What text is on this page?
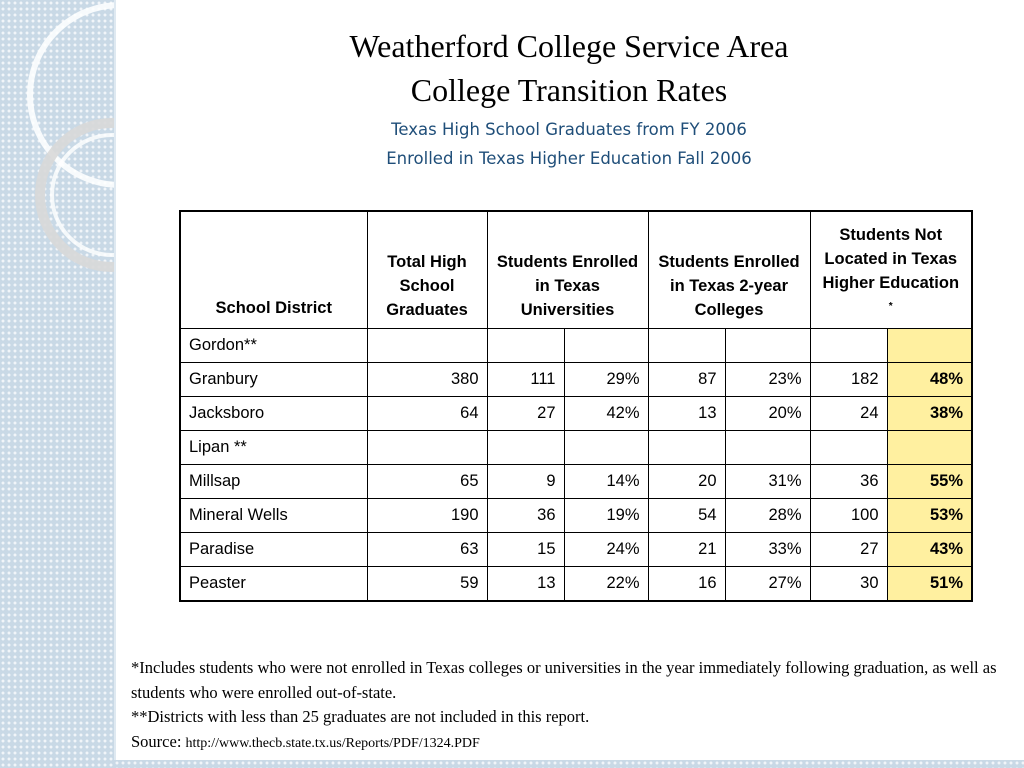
Weatherford College Service Area
College Transition Rates
Texas High School Graduates from FY 2006
Enrolled in Texas Higher Education Fall 2006
School District	Total High School Graduates	Students Enrolled in Texas Universities		Students Enrolled in Texas 2-year Colleges		Students Not Located in Texas Higher Education *
Gordon**							
Granbury	380	111	29%	87	23%	182	48%
Jacksboro	64	27	42%	13	20%	24	38%
Lipan **							
Millsap	65	9	14%	20	31%	36	55%
Mineral Wells	190	36	19%	54	28%	100	53%
Paradise	63	15	24%	21	33%	27	43%
Peaster	59	13	22%	16	27%	30	51%

*Includes students who were not enrolled in Texas colleges or universities in the year immediately following graduation, as well as students who were enrolled out-of-state.

**Districts with less than 25 graduates are not included in this report.

Source: http://www.thecb.state.tx.us/Reports/PDF/1324.PDF
